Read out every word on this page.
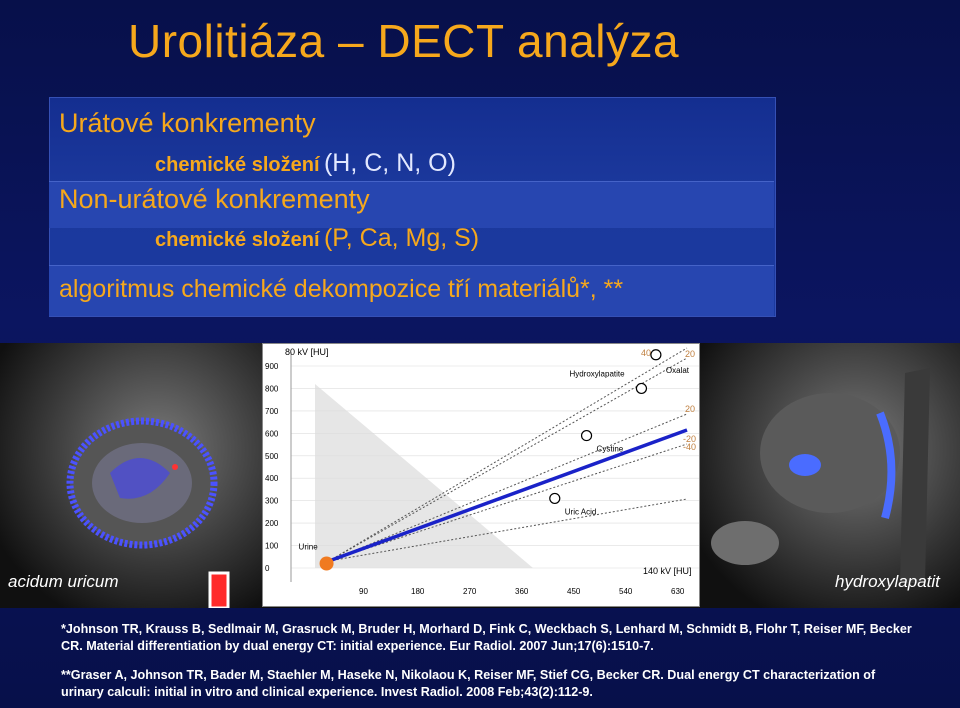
Urolitiáza – DECT analýza
Urátové konkrementy
chemické složení (H, C, N, O)
Non-urátové konkrementy
chemické složení (P, Ca, Mg, S)
algoritmus chemické dekompozice tří materiálů*, **
80 kV [HU]
140 kV [HU]
900
800
700
600
500
400
300
200
100
0
90	180	270	360	450	540	630
40	20
20
-20
-40
Urine
Uric Acid
Cystine
Hydroxylapatite	Oxalat
acidum uricum	hydroxylapatit
*Johnson TR, Krauss B, Sedlmair M, Grasruck M, Bruder H, Morhard D, Fink C, Weckbach S, Lenhard M, Schmidt B, Flohr T, Reiser MF, Becker CR. Material differentiation by dual energy CT: initial experience. Eur Radiol. 2007 Jun;17(6):1510-7.
**Graser A, Johnson TR, Bader M, Staehler M, Haseke N, Nikolaou K, Reiser MF, Stief CG, Becker CR. Dual energy CT characterization of urinary calculi: initial in vitro and clinical experience. Invest Radiol. 2008 Feb;43(2):112-9.
